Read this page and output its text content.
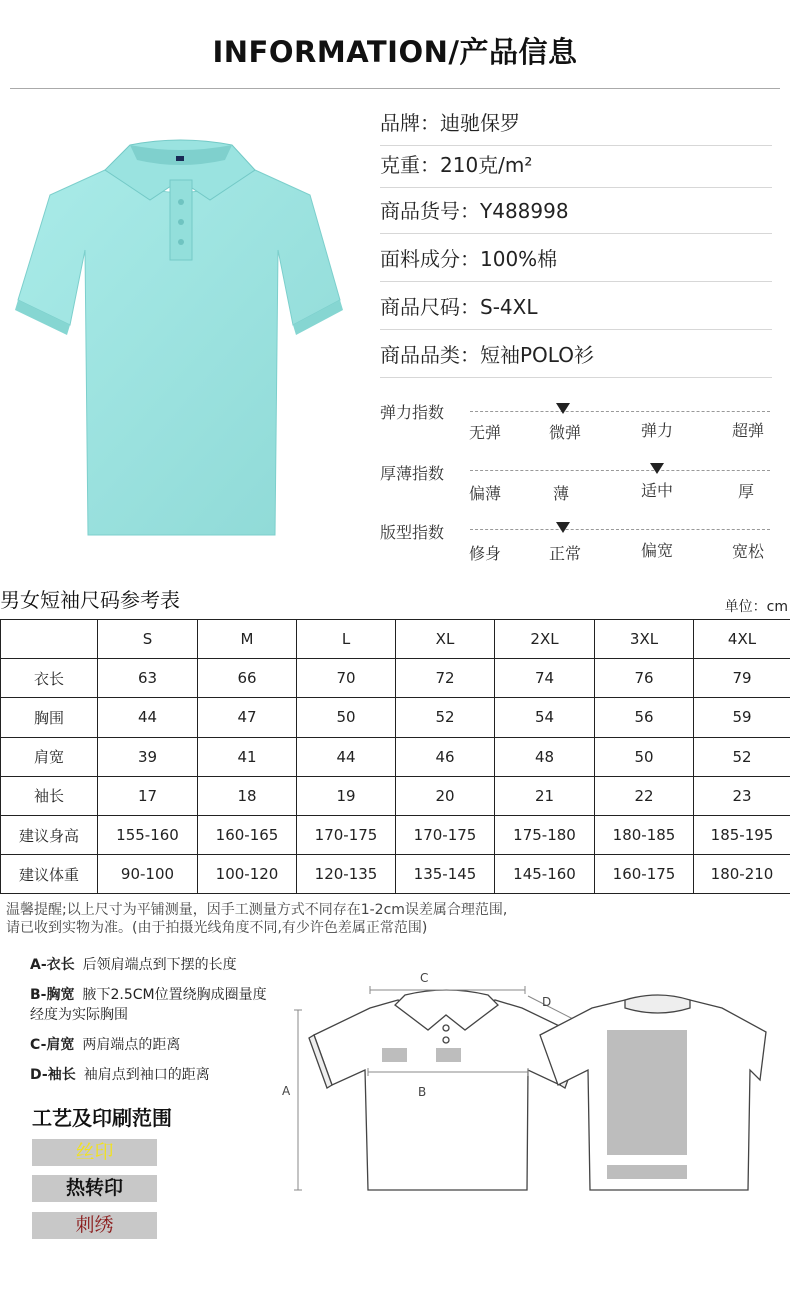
INFORMATION/产品信息
品牌：迪驰保罗
克重：210克/m²
商品货号：Y488998
面料成分：100%棉
商品尺码：S-4XL
商品品类：短袖POLO衫
弹力指数
无弹	微弹	弹力	超弹
厚薄指数
偏薄	薄	适中	厚
版型指数
修身	正常	偏宽	宽松
男女短袖尺码参考表	单位：cm
	S	M	L	XL	2XL	3XL	4XL
衣长	63	66	70	72	74	76	79
胸围	44	47	50	52	54	56	59
肩宽	39	41	44	46	48	50	52
袖长	17	18	19	20	21	22	23
建议身高	155-160	160-165	170-175	170-175	175-180	180-185	185-195
建议体重	90-100	100-120	120-135	135-145	145-160	160-175	180-210
温馨提醒;以上尺寸为平铺测量，因手工测量方式不同存在1-2cm误差属合理范围,
请已收到实物为准。(由于拍摄光线角度不同,有少许色差属正常范围)
A-衣长 后领肩端点到下摆的长度
B-胸宽 腋下2.5CM位置绕胸成圈量度经度为实际胸围
C-肩宽 两肩端点的距离
D-袖长 袖肩点到袖口的距离
C
B
A
D
工艺及印刷范围
丝印
热转印
刺绣
